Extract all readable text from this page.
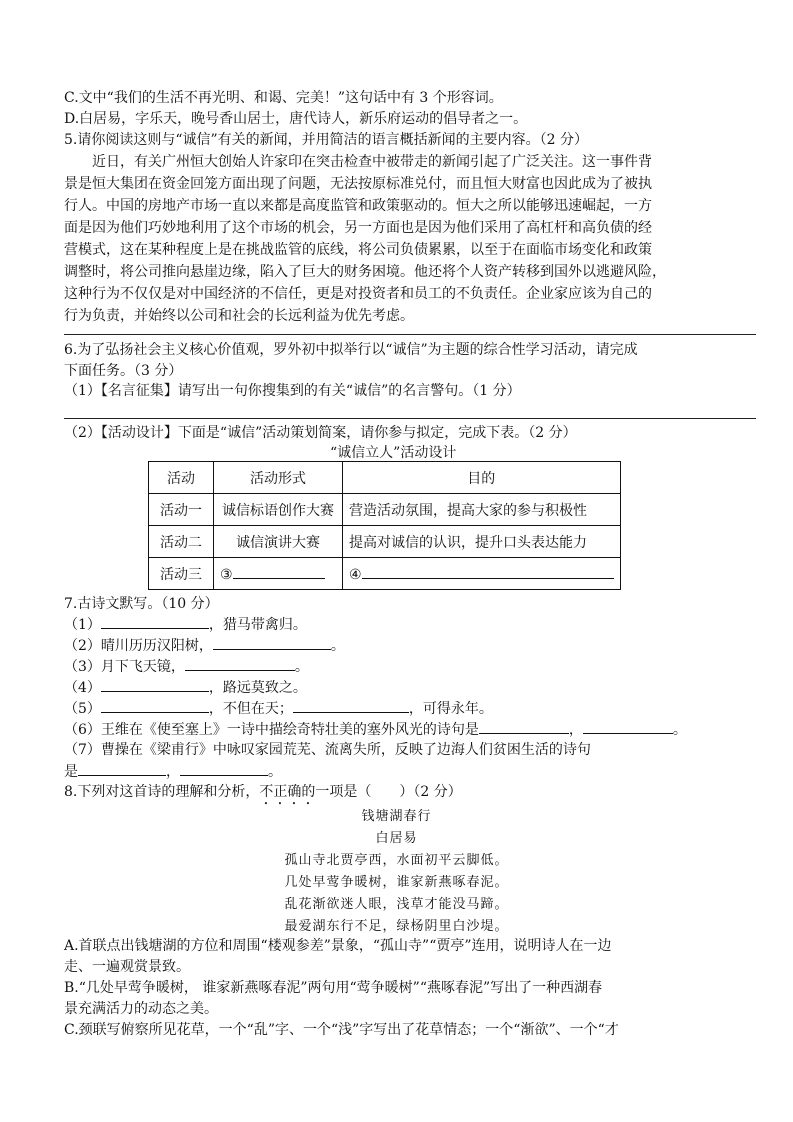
C.文中“我们的生活不再光明、和谒、完美！”这句话中有 3 个形容词。
D.白居易，字乐天，晚号香山居士，唐代诗人，新乐府运动的倡导者之一。
5.请你阅读这则与“诚信”有关的新闻，并用简洁的语言概括新闻的主要内容。（2 分）
近日，有关广州恒大创始人许家印在突击检查中被带走的新闻引起了广泛关注。这一事件背
景是恒大集团在资金回笼方面出现了问题，无法按原标准兑付，而且恒大财富也因此成为了被执
行人。中国的房地产市场一直以来都是高度监管和政策驱动的。恒大之所以能够迅速崛起，一方
面是因为他们巧妙地利用了这个市场的机会，另一方面也是因为他们采用了高杠杆和高负债的经
营模式，这在某种程度上是在挑战监管的底线，将公司负债累累，以至于在面临市场变化和政策
调整时，将公司推向悬崖边缘，陷入了巨大的财务困境。他还将个人资产转移到国外以逃避风险，
这种行为不仅仅是对中国经济的不信任，更是对投资者和员工的不负责任。企业家应该为自己的
行为负责，并始终以公司和社会的长远利益为优先考虑。
6.为了弘扬社会主义核心价值观，罗外初中拟举行以“诚信”为主题的综合性学习活动，请完成
下面任务。（3 分）
（1）【名言征集】请写出一句你搜集到的有关“诚信”的名言警句。（1 分）
（2）【活动设计】下面是“诚信”活动策划简案，请你参与拟定，完成下表。（2 分）
“诚信立人”活动设计
活动	活动形式	目的
活动一	诚信标语创作大赛	营造活动氛围，提高大家的参与积极性
活动二	诚信演讲大赛	提高对诚信的认识，提升口头表达能力
活动三	③	④
7.古诗文默写。（10 分）
（1）	，猎马带禽归。
（2）晴川历历汉阳树，	。
（3）月下飞天镜，	。
（4）	，路远莫致之。
（5）	，不但在天；	，可得永年。
（6）王维在《使至塞上》一诗中描绘奇特壮美的塞外风光的诗句是	，	。
（7）曹操在《梁甫行》中咏叹家园荒芜、流离失所，反映了边海人们贫困生活的诗句
是	，	。
8.下列对这首诗的理解和分析，不正确的一项是（　　）（2 分）
钱塘湖春行
白居易
孤山寺北贾亭西，水面初平云脚低。
几处早莺争暖树，谁家新燕啄春泥。
乱花渐欲迷人眼，浅草才能没马蹄。
最爱湖东行不足，绿杨阴里白沙堤。
A.首联点出钱塘湖的方位和周围“楼观参差”景象，“孤山寺”“贾亭”连用，说明诗人在一边
走、一遍观赏景致。
B.“几处早莺争暖树， 谁家新燕啄春泥”两句用“莺争暖树”“燕啄春泥”写出了一种西湖春
景充满活力的动态之美。
C.颈联写俯察所见花草，一个“乱”字、一个“浅”字写出了花草情态；一个“渐欲”、一个“才
